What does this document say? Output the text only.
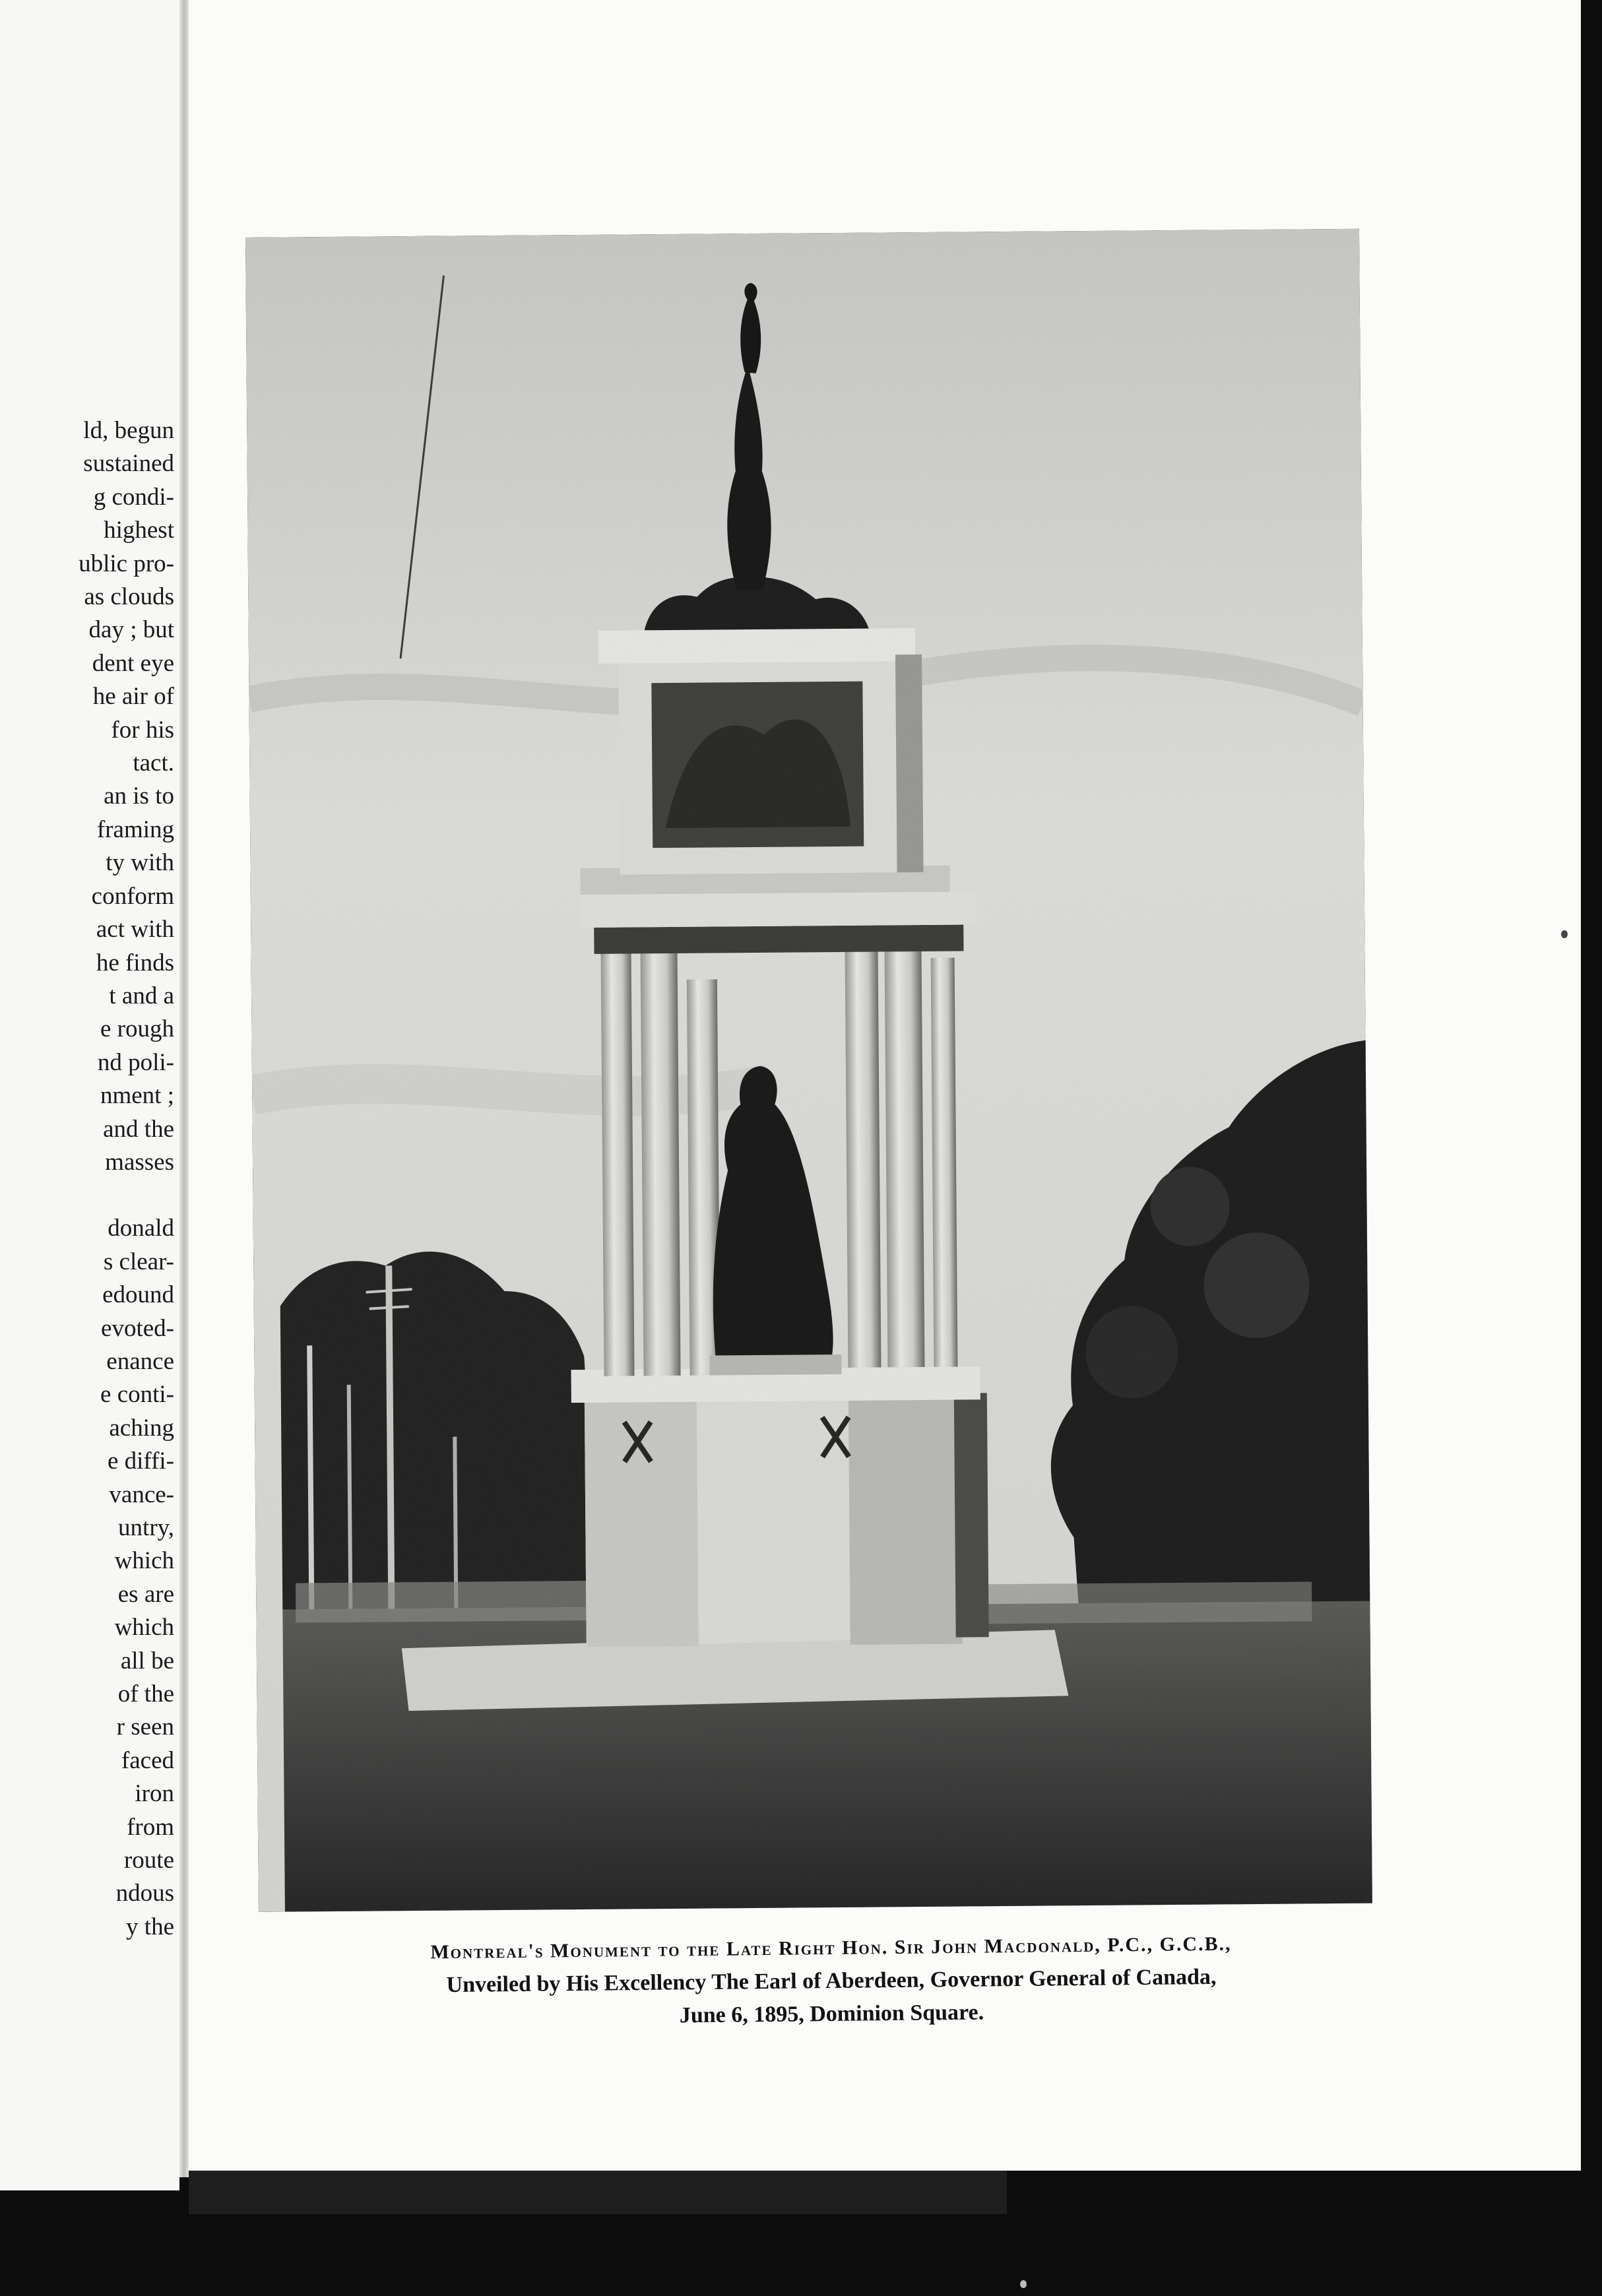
ld, begun
sustained
g condi-
highest
ublic pro-
as clouds
day ; but
dent eye
he air of
for his
tact.
an is to
framing
ty with
conform
act with
he finds
t and a
e rough
nd poli-
nment ;
and the
masses
donald
s clear-
edound
evoted-
enance
e conti-
aching
e diffi-
vance-
untry,
which
es are
which
all be
of the
r seen
faced
iron
from
route
ndous
y the
Montreal's Monument to the Late Right Hon. Sir John Macdonald, P.C., G.C.B.,
Unveiled by His Excellency The Earl of Aberdeen, Governor General of Canada,
June 6, 1895, Dominion Square.
